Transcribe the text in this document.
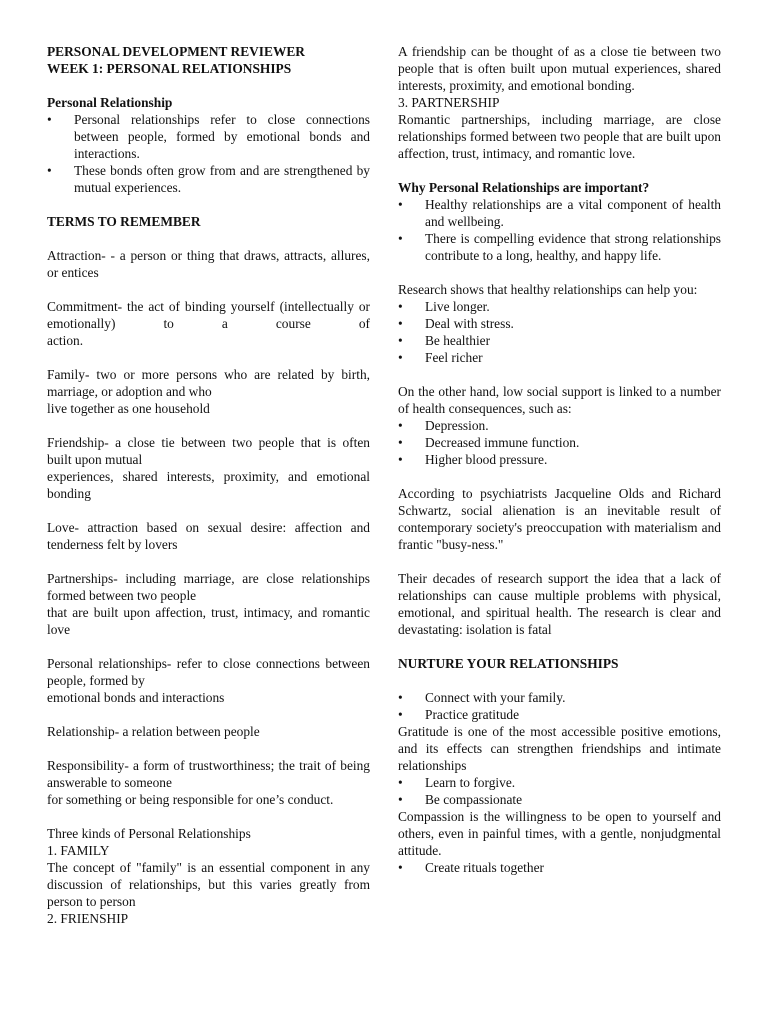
PERSONAL DEVELOPMENT REVIEWER

WEEK 1: PERSONAL RELATIONSHIPS

Personal Relationship

• Personal relationships refer to close connections between people, formed by emotional bonds and interactions.
• These bonds often grow from and are strengthened by mutual experiences.

TERMS TO REMEMBER

Attraction- - a person or thing that draws, attracts, allures, or entices

Commitment- the act of binding yourself (intellectually or emotionally) to a course of
action.

Family- two or more persons who are related by birth, marriage, or adoption and who
live together as one household

Friendship- a close tie between two people that is often built upon mutual
experiences, shared interests, proximity, and emotional bonding

Love- attraction based on sexual desire: affection and tenderness felt by lovers

Partnerships- including marriage, are close relationships formed between two people
that are built upon affection, trust, intimacy, and romantic love

Personal relationships- refer to close connections between people, formed by
emotional bonds and interactions

Relationship- a relation between people

Responsibility- a form of trustworthiness; the trait of being answerable to someone
for something or being responsible for one’s conduct.

Three kinds of Personal Relationships

1. FAMILY

The concept of "family" is an essential component in any discussion of relationships, but this varies greatly from person to person

2. FRIENSHIP

A friendship can be thought of as a close tie between two people that is often built upon mutual experiences, shared interests, proximity, and emotional bonding.

3. PARTNERSHIP

Romantic partnerships, including marriage, are close relationships formed between two people that are built upon affection, trust, intimacy, and romantic love.

Why Personal Relationships are important?

• Healthy relationships are a vital component of health and wellbeing.
• There is compelling evidence that strong relationships contribute to a long, healthy, and happy life.

Research shows that healthy relationships can help you:

• Live longer.
• Deal with stress.
• Be healthier
• Feel richer

On the other hand, low social support is linked to a number of health consequences, such as:

• Depression.
• Decreased immune function.
• Higher blood pressure.

According to psychiatrists Jacqueline Olds and Richard Schwartz, social alienation is an inevitable result of contemporary society's preoccupation with materialism and frantic "busy-ness."

Their decades of research support the idea that a lack of relationships can cause multiple problems with physical, emotional, and spiritual health. The research is clear and devastating: isolation is fatal

NURTURE YOUR RELATIONSHIPS

• Connect with your family.
• Practice gratitude

Gratitude is one of the most accessible positive emotions, and its effects can strengthen friendships and intimate relationships

• Learn to forgive.
• Be compassionate

Compassion is the willingness to be open to yourself and others, even in painful times, with a gentle, nonjudgmental attitude.

• Create rituals together
